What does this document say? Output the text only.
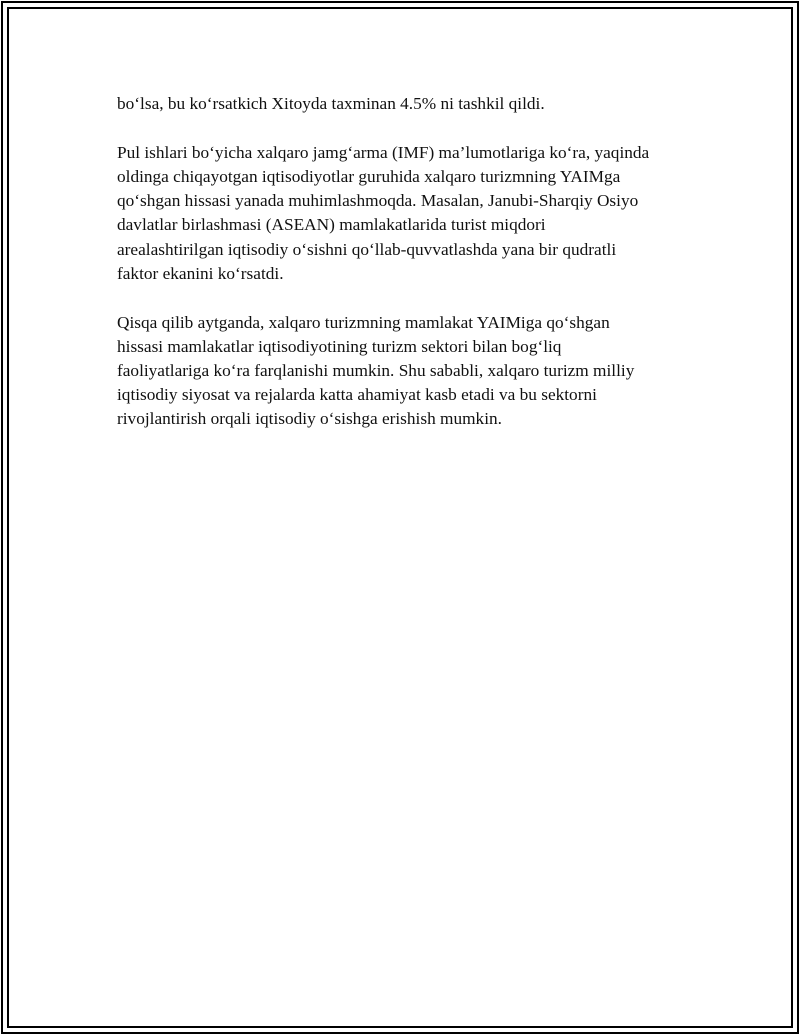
bo‘lsa, bu ko‘rsatkich Xitoyda taxminan 4.5% ni tashkil qildi.

Pul ishlari bo‘yicha xalqaro jamg‘arma (IMF) ma’lumotlariga ko‘ra, yaqinda
oldinga chiqayotgan iqtisodiyotlar guruhida xalqaro turizmning YAIMga
qo‘shgan hissasi yanada muhimlashmoqda. Masalan, Janubi-Sharqiy Osiyo
davlatlar birlashmasi (ASEAN) mamlakatlarida turist miqdori
arealashtirilgan iqtisodiy o‘sishni qo‘llab-quvvatlashda yana bir qudratli
faktor ekanini ko‘rsatdi.

Qisqa qilib aytganda, xalqaro turizmning mamlakat YAIMiga qo‘shgan
hissasi mamlakatlar iqtisodiyotining turizm sektori bilan bog‘liq
faoliyatlariga ko‘ra farqlanishi mumkin. Shu sababli, xalqaro turizm milliy
iqtisodiy siyosat va rejalarda katta ahamiyat kasb etadi va bu sektorni
rivojlantirish orqali iqtisodiy o‘sishga erishish mumkin.
